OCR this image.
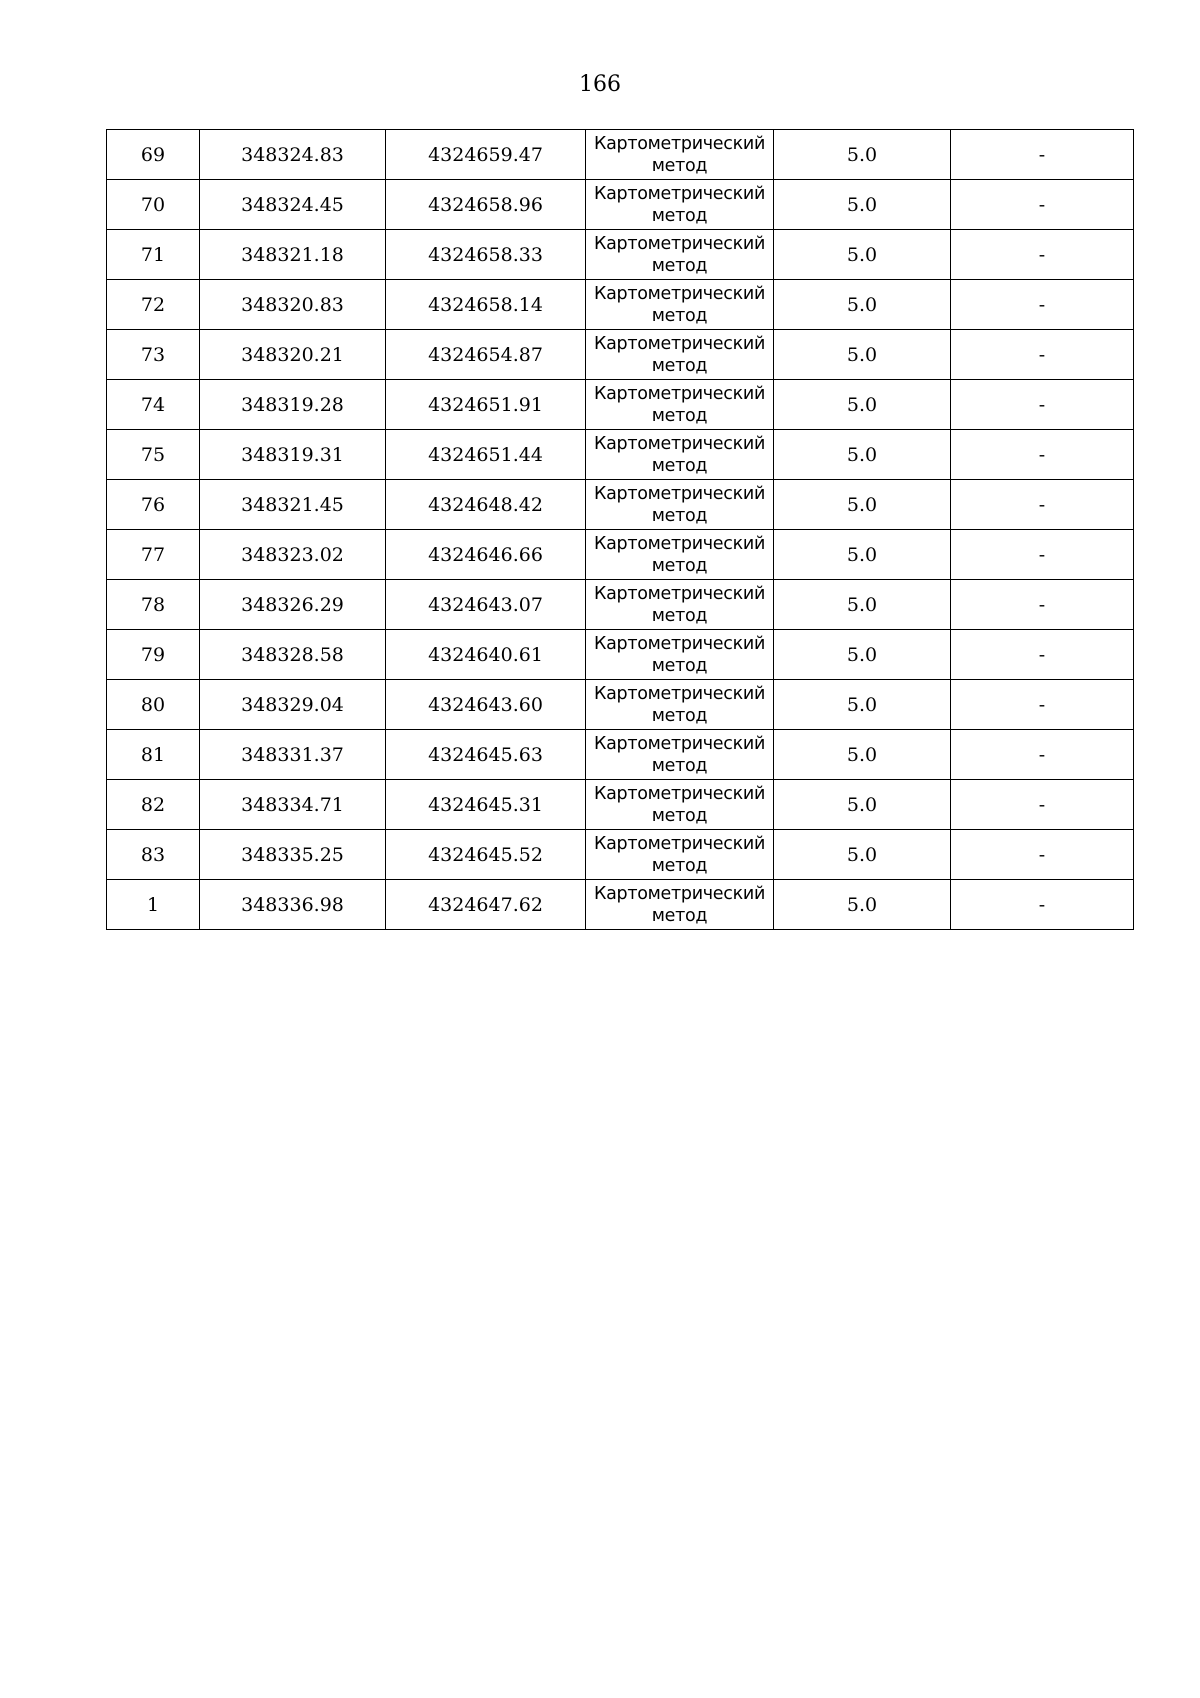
166
69	348324.83	4324659.47	Картометрический метод	5.0	-
70	348324.45	4324658.96	Картометрический метод	5.0	-
71	348321.18	4324658.33	Картометрический метод	5.0	-
72	348320.83	4324658.14	Картометрический метод	5.0	-
73	348320.21	4324654.87	Картометрический метод	5.0	-
74	348319.28	4324651.91	Картометрический метод	5.0	-
75	348319.31	4324651.44	Картометрический метод	5.0	-
76	348321.45	4324648.42	Картометрический метод	5.0	-
77	348323.02	4324646.66	Картометрический метод	5.0	-
78	348326.29	4324643.07	Картометрический метод	5.0	-
79	348328.58	4324640.61	Картометрический метод	5.0	-
80	348329.04	4324643.60	Картометрический метод	5.0	-
81	348331.37	4324645.63	Картометрический метод	5.0	-
82	348334.71	4324645.31	Картометрический метод	5.0	-
83	348335.25	4324645.52	Картометрический метод	5.0	-
1	348336.98	4324647.62	Картометрический метод	5.0	-
